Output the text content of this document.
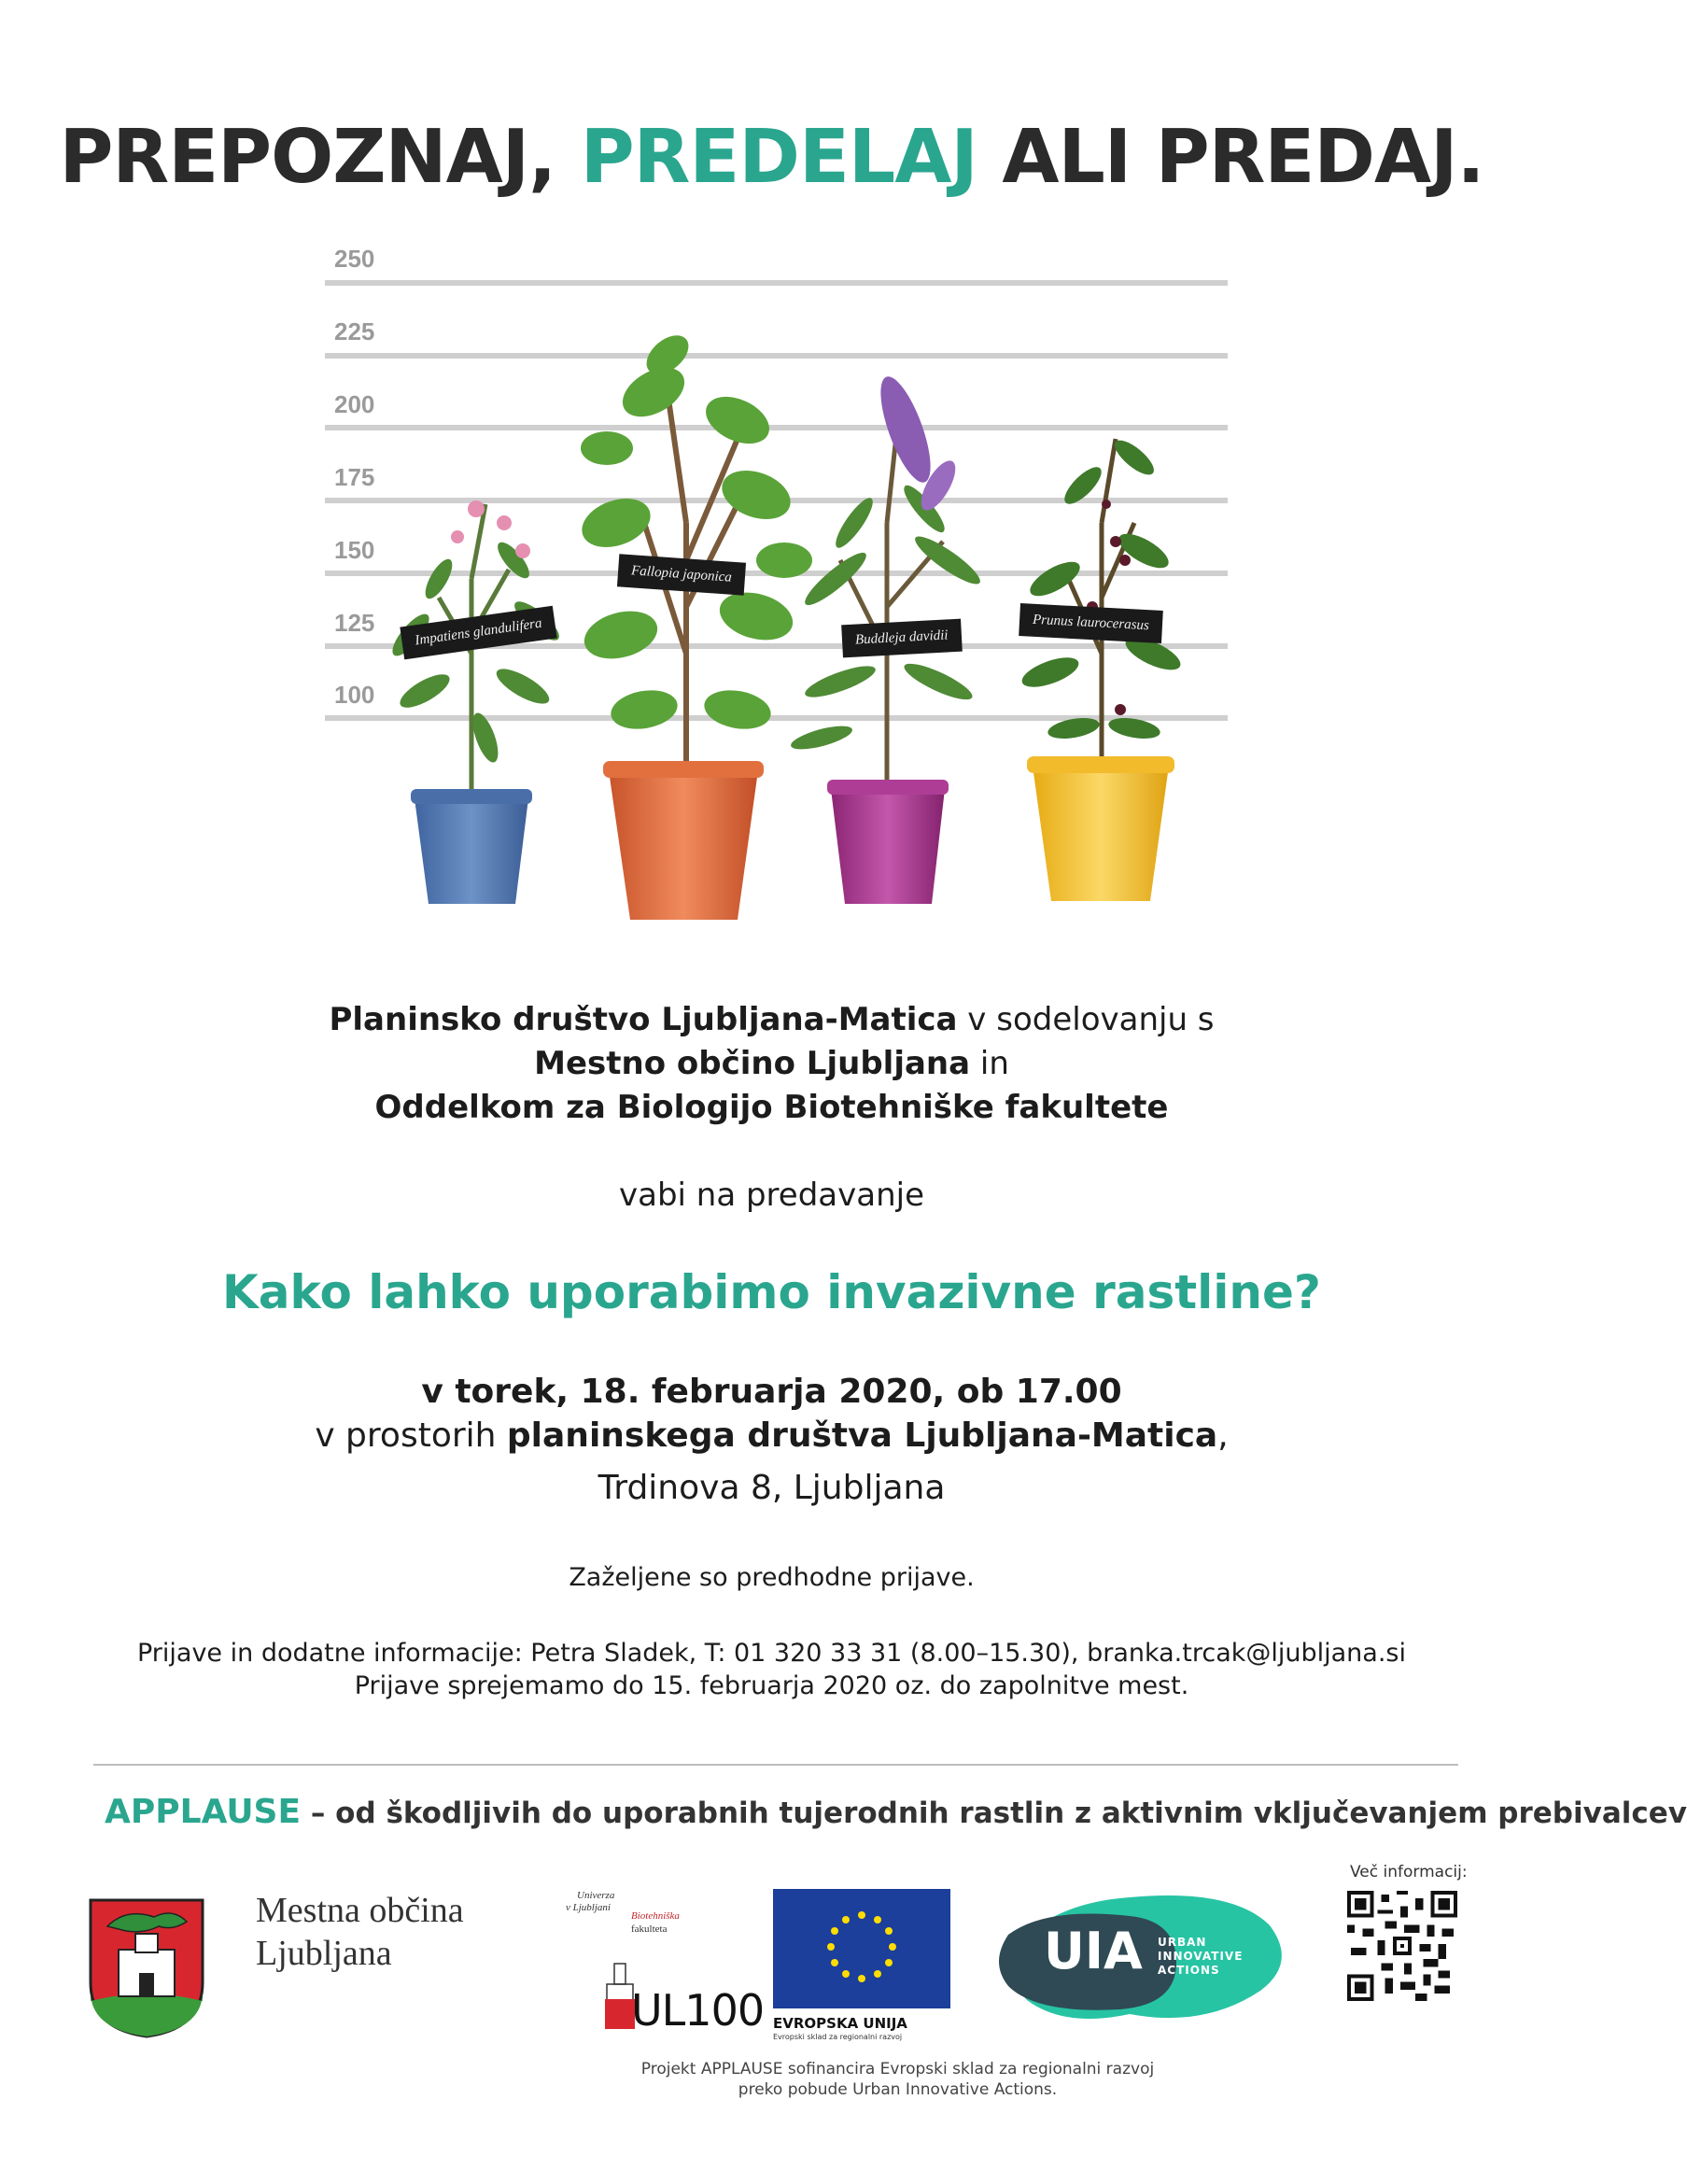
PREPOZNAJ, PREDELAJ ALI PREDAJ.
250
225
200
175
150
125
100
Impatiens glandulifera
Fallopia japonica
Buddleja davidii
Prunus laurocerasus
Planinsko društvo Ljubljana-Matica v sodelovanju s
Mestno občino Ljubljana in
Oddelkom za Biologijo Biotehniške fakultete
vabi na predavanje
Kako lahko uporabimo invazivne rastline?
v torek, 18. februarja 2020, ob 17.00
v prostorih planinskega društva Ljubljana-Matica,
Trdinova 8, Ljubljana
Zaželjene so predhodne prijave.
Prijave in dodatne informacije: Petra Sladek, T: 01 320 33 31 (8.00–15.30), branka.trcak@ljubljana.si
Prijave sprejemamo do 15. februarja 2020 oz. do zapolnitve mest.
APPLAUSE – od škodljivih do uporabnih tujerodnih rastlin z aktivnim vključevanjem prebivalcev
Mestna občina
Ljubljana
Univerza
v Ljubljani
Biotehniška
fakulteta
UL100 EVROPSKA UNIJA
Evropski sklad za regionalni razvoj
UIA URBAN
INNOVATIVE
ACTIONS
Več informacij:
Projekt APPLAUSE sofinancira Evropski sklad za regionalni razvoj
preko pobude Urban Innovative Actions.
